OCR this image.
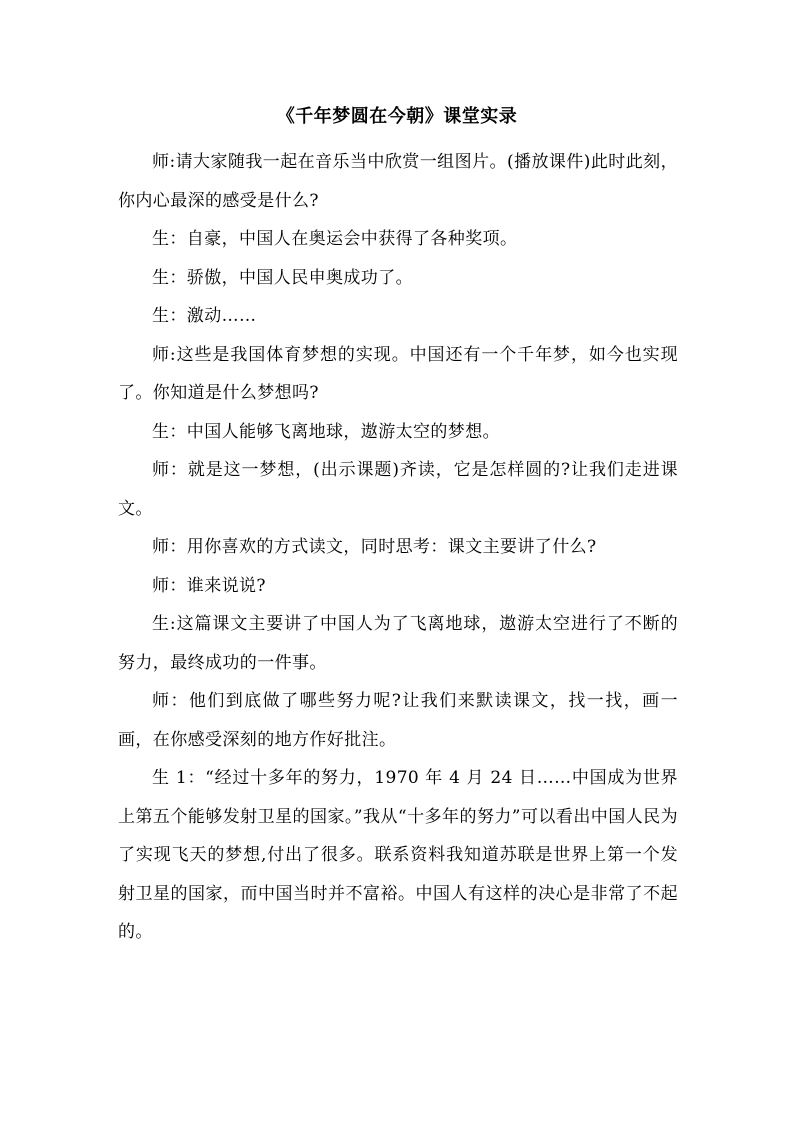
《千年梦圆在今朝》课堂实录

师:请大家随我一起在音乐当中欣赏一组图片。(播放课件)此时此刻，你内心最深的感受是什么?

生：自豪，中国人在奥运会中获得了各种奖项。

生：骄傲，中国人民申奥成功了。

生：激动……

师:这些是我国体育梦想的实现。中国还有一个千年梦，如今也实现了。你知道是什么梦想吗?

生：中国人能够飞离地球，遨游太空的梦想。

师：就是这一梦想，(出示课题)齐读，它是怎样圆的?让我们走进课文。

师：用你喜欢的方式读文，同时思考：课文主要讲了什么?

师：谁来说说?

生:这篇课文主要讲了中国人为了飞离地球，遨游太空进行了不断的努力，最终成功的一件事。

师：他们到底做了哪些努力呢?让我们来默读课文，找一找，画一画，在你感受深刻的地方作好批注。

生 1：“经过十多年的努力，1970 年 4 月 24 日……中国成为世界上第五个能够发射卫星的国家。”我从“十多年的努力”可以看出中国人民为了实现飞天的梦想,付出了很多。联系资料我知道苏联是世界上第一个发射卫星的国家，而中国当时并不富裕。中国人有这样的决心是非常了不起的。
